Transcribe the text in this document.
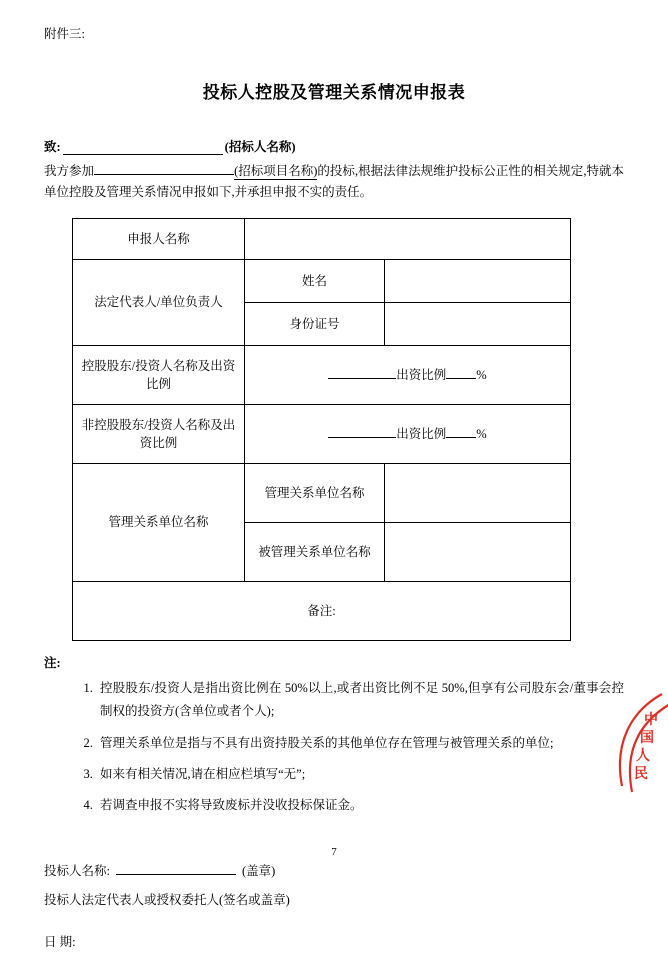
附件三:
投标人控股及管理关系情况申报表
致:	(招标人名称)
我方参加	(招标项目名称)的投标,根据法律法规维护投标公正性的相关规定,特就本单位控股及管理关系情况申报如下,并承担申报不实的责任。
申报人名称		
法定代表人/单位负责人	姓名	
	身份证号	
控股股东/投资人名称及出资比例	出资比例 %	
非控股股东/投资人名称及出资比例	出资比例 %	
管理关系单位名称	管理关系单位名称	
	被管理关系单位名称	
备注:		
注:
1. 控股股东/投资人是指出资比例在 50%以上,或者出资比例不足 50%,但享有公司股东会/董事会控制权的投资方(含单位或者个人);
2. 管理关系单位是指与不具有出资持股关系的其他单位存在管理与被管理关系的单位;
3. 如来有相关情况,请在相应栏填写“无”;
4. 若调查申报不实将导致废标并没收投标保证金。
投标人名称:	(盖章)
投标人法定代表人或授权委托人(签名或盖章)
日 期:
中
国
人
民
7
